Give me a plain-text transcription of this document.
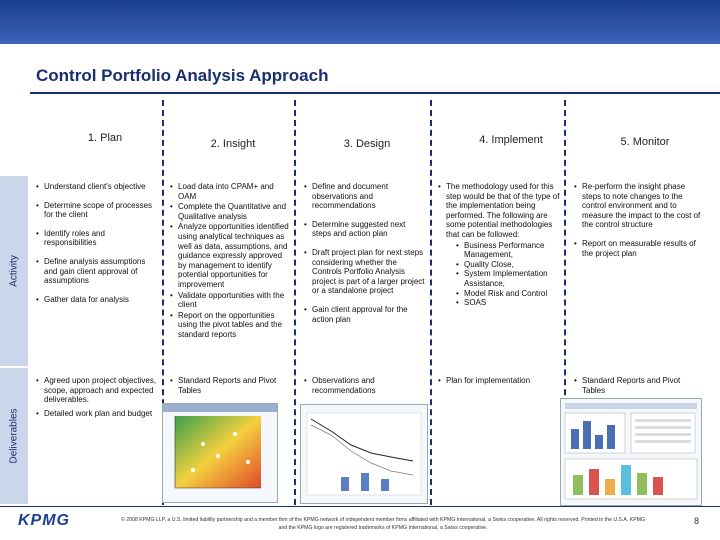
Control Portfolio Analysis Approach
Activity
Deliverables
1. Plan	2. Insight	3. Design	4. Implement	5. Monitor
• Understand client's objective
• Determine scope of processes for the client
• Identify roles and responsibilities
• Define analysis assumptions and gain client approval of assumptions
• Gather data for analysis
• Load data into CPAM+ and OAM
• Complete the Quantitative and Qualitative analysis
• Analyze opportunities identified using analytical techniques as well as data, assumptions, and guidance expressly approved by management to identify potential opportunities for improvement
• Validate opportunities with the client
• Report on the opportunities using the pivot tables and the standard reports
• Define and document observations and recommendations
• Determine suggested next steps and action plan
• Draft project plan for next steps considering whether the Controls Portfolio Analysis project is part of a larger project or a standalone project
• Gain client approval for the action plan
• The methodology used for this step would be that of the type of the implementation being performed. The following are some potential methodologies that can be followed:
• Business Performance Management,
• Quality Close,
• System Implementation Assistance,
• Model Risk and Control
• SOAS
• Re-perform the insight phase steps to note changes to the control environment and to measure the impact to the cost of the control structure
• Report on measurable results of the project plan
• Agreed upon project objectives, scope, approach and expected deliverables.
• Detailed work plan and budget
• Standard Reports and Pivot Tables
• Observations and recommendations
• Plan for implementation
•	Standard Reports and Pivot Tables
KPMG	© 2008 KPMG LLP, a U.S. limited liability partnership and a member firm of the KPMG network of independent member firms affiliated with KPMG International, a Swiss cooperative. All rights reserved. Printed in the U.S.A. KPMG and the KPMG logo are registered trademarks of KPMG International, a Swiss cooperative.
8
